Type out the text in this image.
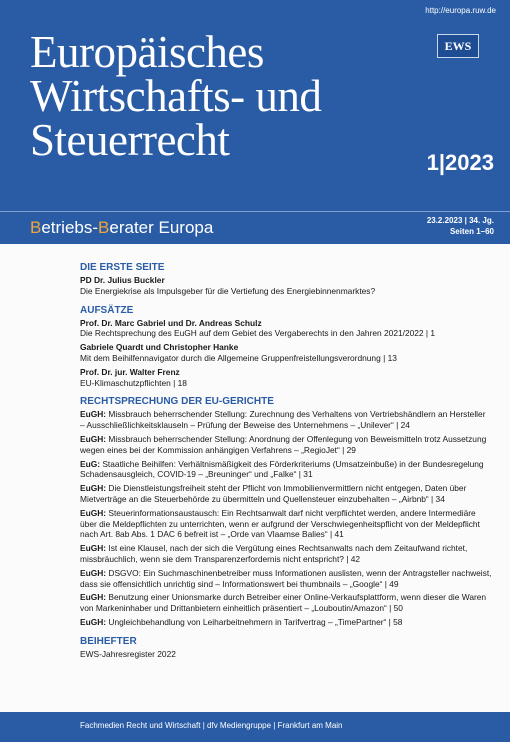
http://europa.ruw.de
Europäisches
Wirtschafts- und
Steuerrecht
EWS
1|2023
Betriebs-Berater Europa	23.2.2023 | 34. Jg.
Seiten 1–60
DIE ERSTE SEITE
PD Dr. Julius Buckler
Die Energiekrise als Impulsgeber für die Vertiefung des Energiebinnenmarktes?
AUFSÄTZE
Prof. Dr. Marc Gabriel und Dr. Andreas Schulz
Die Rechtsprechung des EuGH auf dem Gebiet des Vergaberechts in den Jahren 2021/2022 | 1
Gabriele Quardt und Christopher Hanke
Mit dem Beihilfennavigator durch die Allgemeine Gruppenfreistellungsverordnung | 13
Prof. Dr. jur. Walter Frenz
EU-Klimaschutzpflichten | 18
RECHTSPRECHUNG DER EU-GERICHTE
EuGH: Missbrauch beherrschender Stellung: Zurechnung des Verhaltens von Vertriebshändlern an Hersteller – Ausschließlichkeitsklauseln – Prüfung der Beweise des Unternehmens – „Unilever“ | 24
EuGH: Missbrauch beherrschender Stellung: Anordnung der Offenlegung von Beweismitteln trotz Aussetzung wegen eines bei der Kommission anhängigen Verfahrens – „RegioJet“ | 29
EuG: Staatliche Beihilfen: Verhältnismäßigkeit des Förderkriteriums (Umsatzeinbuße) in der Bundesregelung Schadensausgleich, COVID-19 – „Breuninger“ und „Falke“ | 31
EuGH: Die Dienstleistungsfreiheit steht der Pflicht von Immobilienvermittlern nicht entgegen, Daten über Mietverträge an die Steuerbehörde zu übermitteln und Quellensteuer einzubehalten – „Airbnb“ | 34
EuGH: Steuerinformationsaustausch: Ein Rechtsanwalt darf nicht verpflichtet werden, andere Intermediäre über die Meldepflichten zu unterrichten, wenn er aufgrund der Verschwiegenheitspflicht von der Meldepflicht nach Art. 8ab Abs. 1 DAC 6 befreit ist – „Orde van Vlaamse Balies“ | 41
EuGH: Ist eine Klausel, nach der sich die Vergütung eines Rechtsanwalts nach dem Zeitaufwand richtet, missbräuchlich, wenn sie dem Transparenzerfordernis nicht entspricht? | 42
EuGH: DSGVO: Ein Suchmaschinenbetreiber muss Informationen auslisten, wenn der Antragsteller nachweist, dass sie offensichtlich unrichtig sind – Informationswert bei thumbnails – „Google“ | 49
EuGH: Benutzung einer Unionsmarke durch Betreiber einer Online-Verkaufsplattform, wenn dieser die Waren von Markeninhaber und Drittanbietern einheitlich präsentiert – „Louboutin/Amazon“ | 50
EuGH: Ungleichbehandlung von Leiharbeitnehmern in Tarifvertrag – „TimePartner“ | 58
BEIHEFTER
EWS-Jahresregister 2022
Fachmedien Recht und Wirtschaft | dfv Mediengruppe | Frankfurt am Main
